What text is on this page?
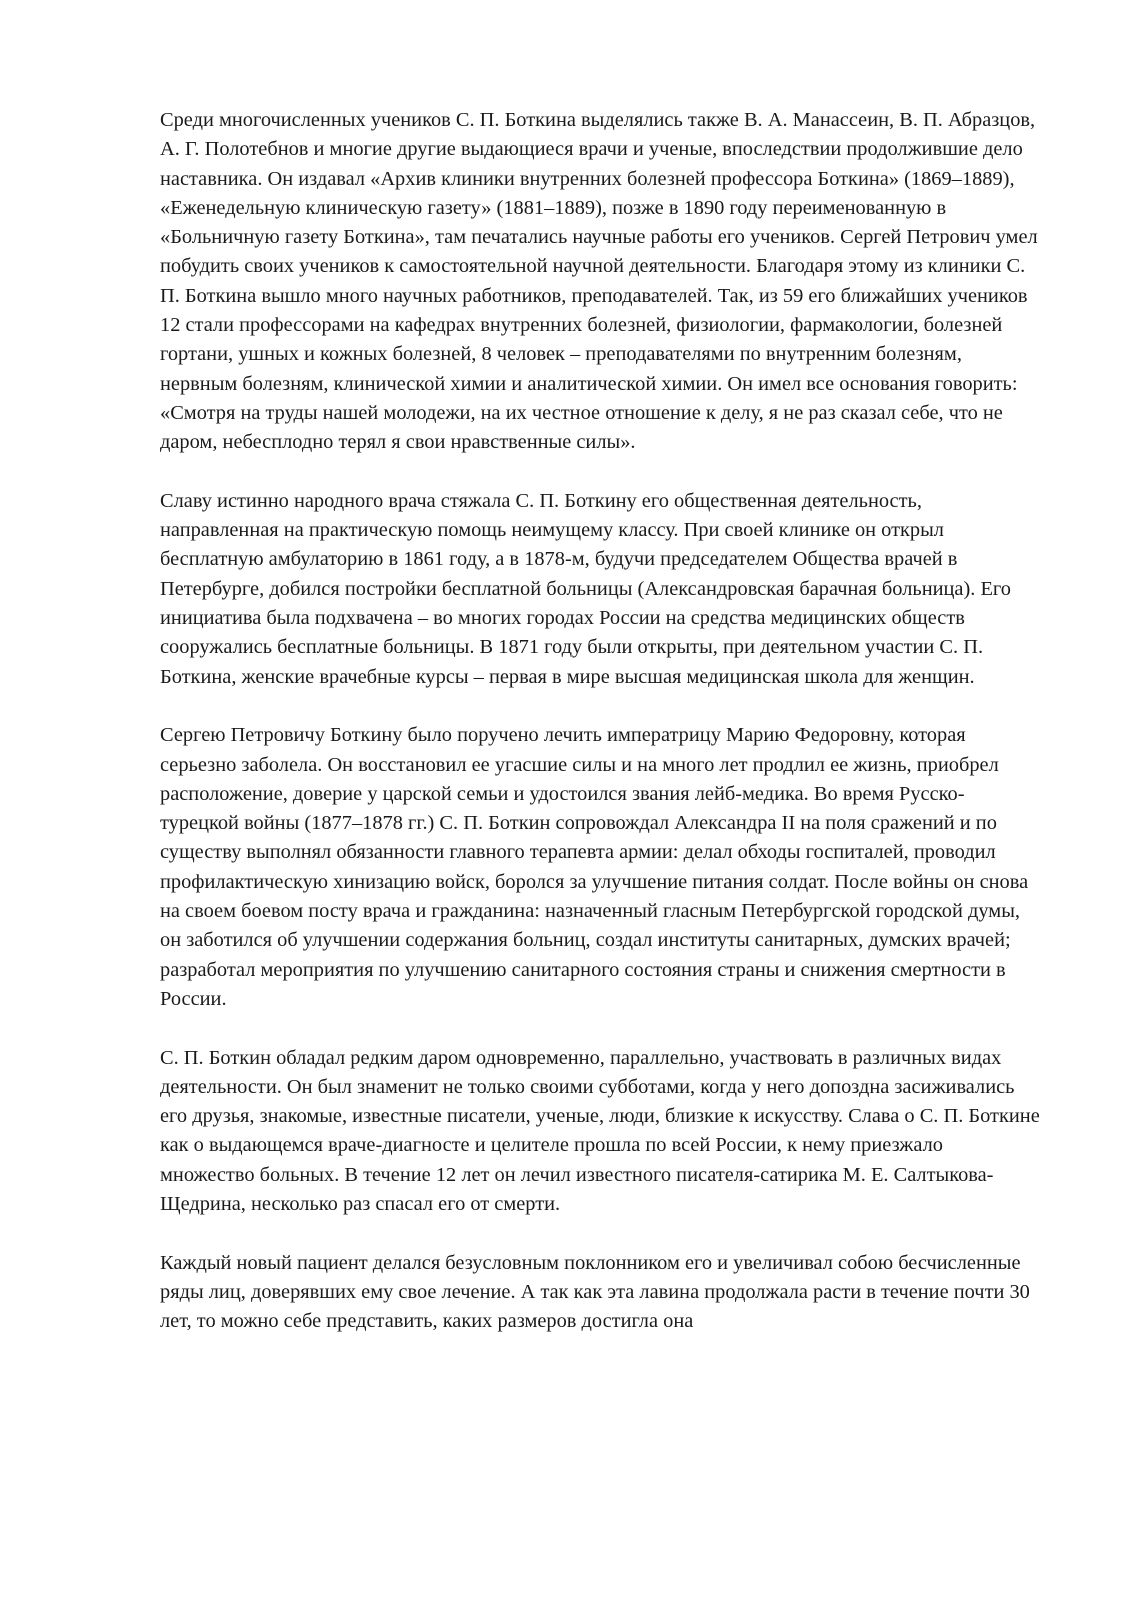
Среди многочисленных учеников С. П. Боткина выделялись также В. А. Манассеин, В. П. Абразцов, А. Г. Полотебнов и многие другие выдающиеся врачи и ученые, впоследствии продолжившие дело наставника. Он издавал «Архив клиники внутренних болезней профессора Боткина» (1869–1889), «Еженедельную клиническую газету» (1881–1889), позже в 1890 году переименованную в «Больничную газету Боткина», там печатались научные работы его учеников. Сергей Петрович умел побудить своих учеников к самостоятельной научной деятельности. Благодаря этому из клиники С. П. Боткина вышло много научных работников, преподавателей. Так, из 59 его ближайших учеников 12 стали профессорами на кафедрах внутренних болезней, физиологии, фармакологии, болезней гортани, ушных и кожных болезней, 8 человек – преподавателями по внутренним болезням, нервным болезням, клинической химии и аналитической химии. Он имел все основания говорить: «Смотря на труды нашей молодежи, на их честное отношение к делу, я не раз сказал себе, что не даром, небесплодно терял я свои нравственные силы».

Славу истинно народного врача стяжала С. П. Боткину его общественная деятельность, направленная на практическую помощь неимущему классу. При своей клинике он открыл бесплатную амбулаторию в 1861 году, а в 1878-м, будучи председателем Общества врачей в Петербурге, добился постройки бесплатной больницы (Александровская барачная больница). Его инициатива была подхвачена – во многих городах России на средства медицинских обществ сооружались бесплатные больницы. В 1871 году были открыты, при деятельном участии С. П. Боткина, женские врачебные курсы – первая в мире высшая медицинская школа для женщин.

Сергею Петровичу Боткину было поручено лечить императрицу Марию Федоровну, которая серьезно заболела. Он восстановил ее угасшие силы и на много лет продлил ее жизнь, приобрел расположение, доверие у царской семьи и удостоился звания лейб-медика. Во время Русско-турецкой войны (1877–1878 гг.) С. П. Боткин сопровождал Александра II на поля сражений и по существу выполнял обязанности главного терапевта армии: делал обходы госпиталей, проводил профилактическую хинизацию войск, боролся за улучшение питания солдат. После войны он снова на своем боевом посту врача и гражданина: назначенный гласным Петербургской городской думы, он заботился об улучшении содержания больниц, создал институты санитарных, думских врачей; разработал мероприятия по улучшению санитарного состояния страны и снижения смертности в России.

С. П. Боткин обладал редким даром одновременно, параллельно, участвовать в различных видах деятельности. Он был знаменит не только своими субботами, когда у него допоздна засиживались его друзья, знакомые, известные писатели, ученые, люди, близкие к искусству. Слава о С. П. Боткине как о выдающемся враче-диагносте и целителе прошла по всей России, к нему приезжало множество больных. В течение 12 лет он лечил известного писателя-сатирика М. Е. Салтыкова-Щедрина, несколько раз спасал его от смерти.

Каждый новый пациент делался безусловным поклонником его и увеличивал собою бесчисленные ряды лиц, доверявших ему свое лечение. А так как эта лавина продолжала расти в течение почти 30 лет, то можно себе представить, каких размеров достигла она
